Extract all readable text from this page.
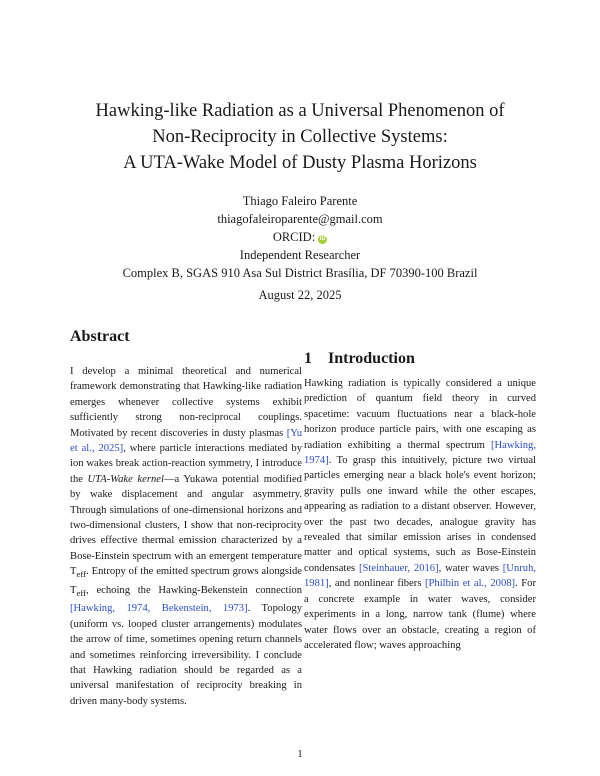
Hawking-like Radiation as a Universal Phenomenon of
Non-Reciprocity in Collective Systems:
A UTA-Wake Model of Dusty Plasma Horizons
Thiago Faleiro Parente
thiagofaleiroparente@gmail.com
ORCID: iD
Independent Researcher
Complex B, SGAS 910 Asa Sul District Brasília, DF 70390-100 Brazil
August 22, 2025
Abstract

I develop a minimal theoretical and numerical framework demonstrating that Hawking-like radiation emerges whenever collective systems exhibit sufficiently strong non-reciprocal couplings. Motivated by recent discoveries in dusty plasmas [Yu et al., 2025], where particle interactions mediated by ion wakes break action-reaction symmetry, I introduce the UTA-Wake kernel—a Yukawa potential modified by wake displacement and angular asymmetry. Through simulations of one-dimensional horizons and two-dimensional clusters, I show that non-reciprocity drives effective thermal emission characterized by a Bose-Einstein spectrum with an emergent temperature $T_{eff}$. Entropy of the emitted spectrum grows alongside $T_{eff}$, echoing the Hawking-Bekenstein connection [Hawking, 1974, Bekenstein, 1973]. Topology (uniform vs. looped cluster arrangements) modulates the arrow of time, sometimes opening return channels and sometimes reinforcing irreversibility. I conclude that Hawking radiation should be regarded as a universal manifestation of reciprocity breaking in driven many-body systems.

1 Introduction

Hawking radiation is typically considered a unique prediction of quantum field theory in curved spacetime: vacuum fluctuations near a black-hole horizon produce particle pairs, with one escaping as radiation exhibiting a thermal spectrum [Hawking, 1974]. To grasp this intuitively, picture two virtual particles emerging near a black hole's event horizon; gravity pulls one inward while the other escapes, appearing as radiation to a distant observer. However, over the past two decades, analogue gravity has revealed that similar emission arises in condensed matter and optical systems, such as Bose-Einstein condensates [Steinhauer, 2016], water waves [Unruh, 1981], and nonlinear fibers [Philbin et al., 2008]. For a concrete example in water waves, consider experiments in a long, narrow tank (flume) where water flows over an obstacle, creating a region of accelerated flow; waves approaching

1
